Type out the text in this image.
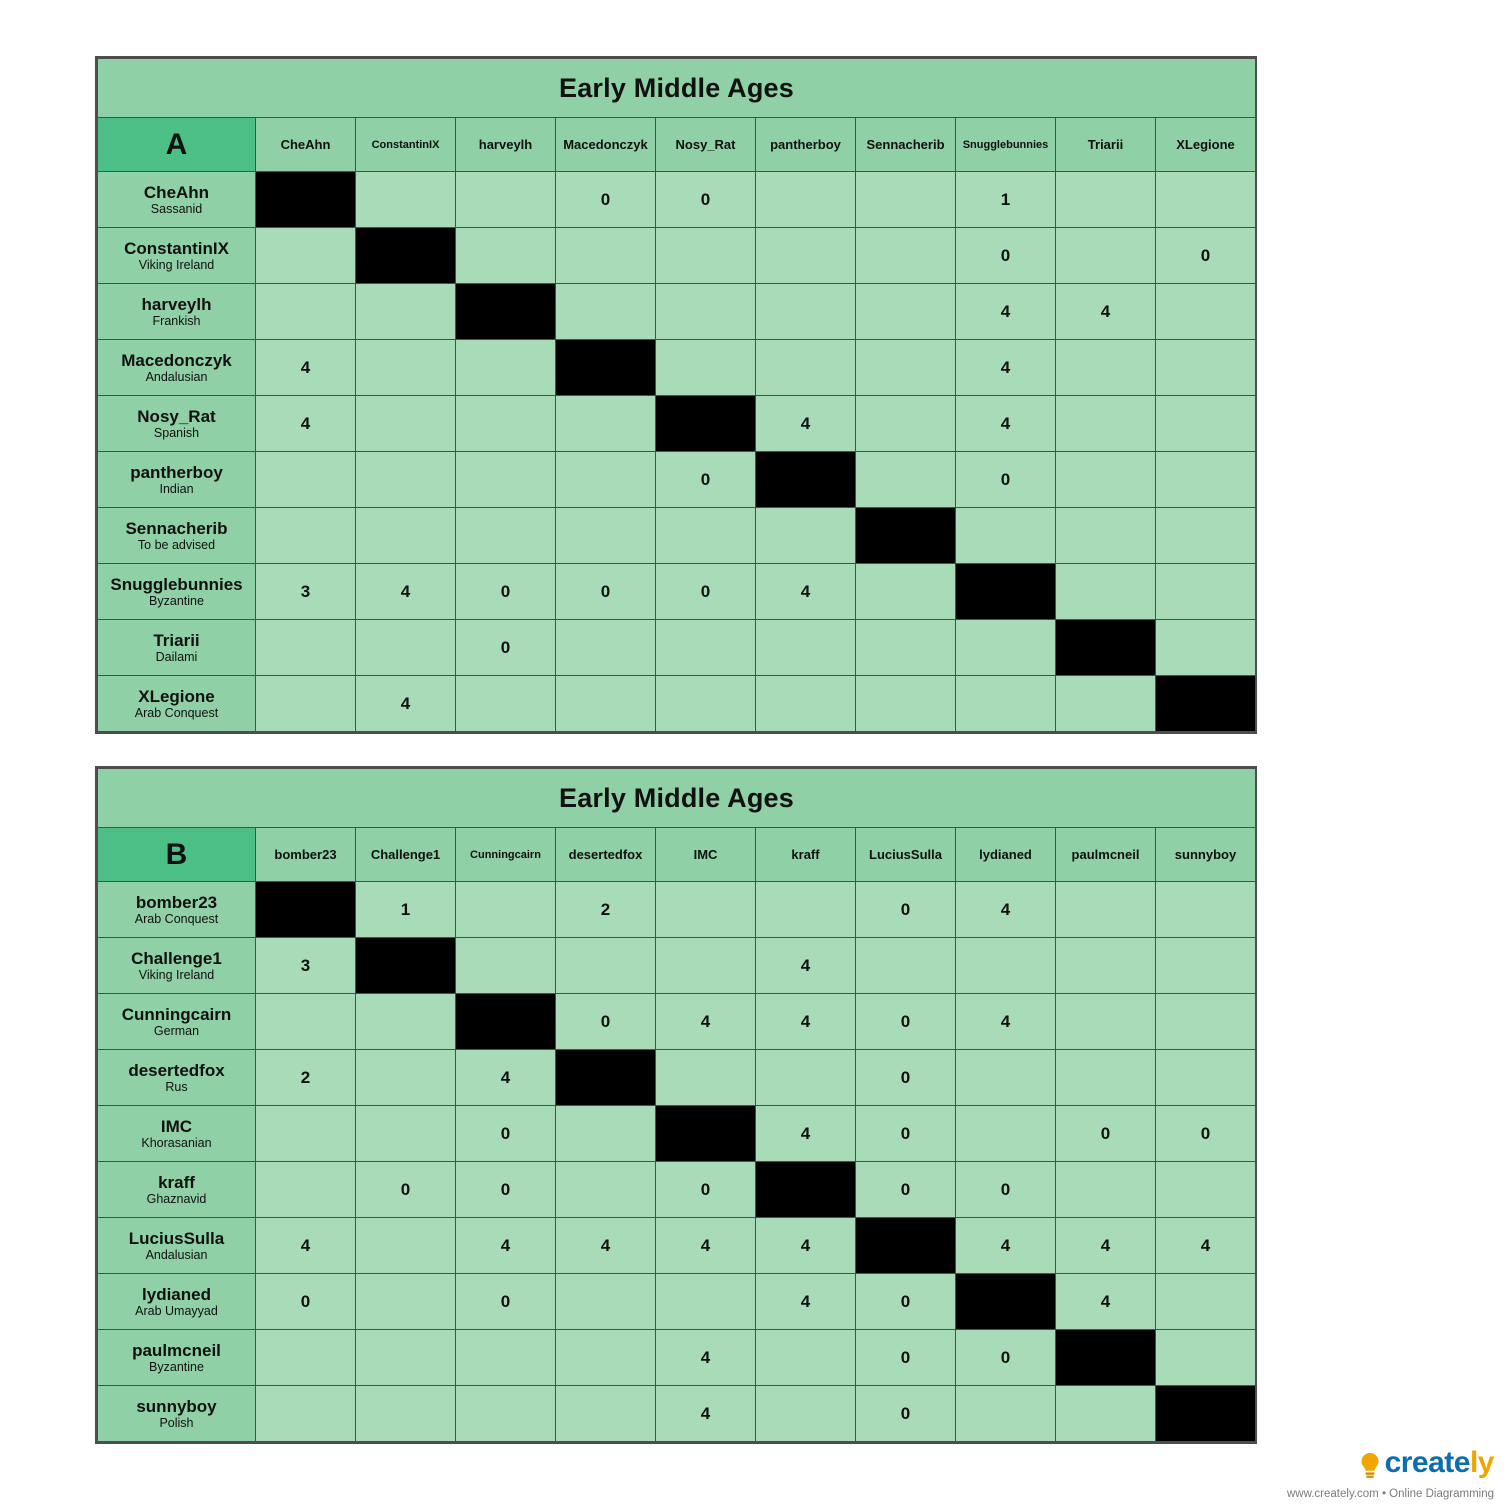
Early Middle Ages										
A	CheAhn	ConstantinIX	harveylh	Macedonczyk	Nosy_Rat	pantherboy	Sennacherib	Snugglebunnies	Triarii	XLegione

CheAhn
Sassanid				0	0			1		

ConstantinIX
Viking Ireland								0		0

harveylh
Frankish								4	4	

Macedonczyk
Andalusian	4							4		

Nosy_Rat
Spanish	4					4		4		

pantherboy
Indian					0			0		

Sennacherib
To be advised										

Snugglebunnies
Byzantine	3	4	0	0	0	4				

Triarii
Dailami			0							

XLegione
Arab Conquest		4								
Early Middle Ages										
B	bomber23	Challenge1	Cunningcairn	desertedfox	IMC	kraff	LuciusSulla	lydianed	paulmcneil	sunnyboy

bomber23
Arab Conquest		1		2			0	4		

Challenge1
Viking Ireland	3					4				

Cunningcairn
German				0	4	4	0	4		

desertedfox
Rus	2		4				0			

IMC
Khorasanian			0			4	0		0	0

kraff
Ghaznavid		0	0		0		0	0		

LuciusSulla
Andalusian	4		4	4	4	4		4	4	4

lydianed
Arab Umayyad	0		0			4	0		4	

paulmcneil
Byzantine					4		0	0		

sunnyboy
Polish					4		0			
creately
www.creately.com • Online Diagramming
